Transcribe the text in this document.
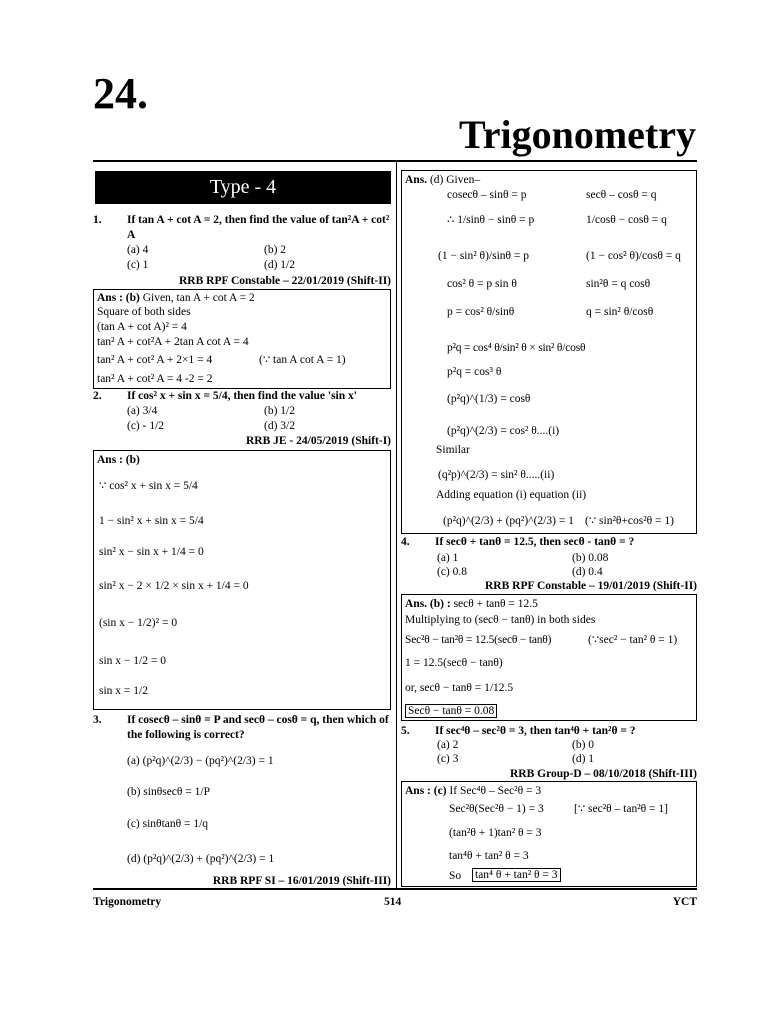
24.
Trigonometry
Type - 4
1. If tan A + cot A = 2, then find the value of tan²A + cot² A
(a) 4	(b) 2
(c) 1	(d) 1/2
RRB RPF Constable – 22/01/2019 (Shift-II)
Ans : (b) Given, tan A + cot A = 2
Square of both sides
(tan A + cot A)² = 4
tan² A + cot²A + 2tan A cot A = 4
tan² A + cot² A + 2×1 = 4	(∵ tan A cot A = 1)
tan² A + cot² A = 4 -2 = 2
2. If cos² x + sin x = 5/4, then find the value 'sin x'
(a) 3/4	(b) 1/2
(c) - 1/2	(d) 3/2
RRB JE - 24/05/2019 (Shift-I)
Ans : (b)
∵ cos² x + sin x = 5/4
1 − sin² x + sin x = 5/4
sin² x − sin x + 1/4 = 0
sin² x − 2 × 1/2 × sin x + 1/4 = 0
(sin x − 1/2)² = 0
sin x − 1/2 = 0
sin x = 1/2
3. If cosecθ – sinθ = P and secθ – cosθ = q, then which of the following is correct?
(a) (p²q)^(2/3) − (pq²)^(2/3) = 1
(b) sinθsecθ = 1/P
(c) sinθtanθ = 1/q
(d) (p²q)^(2/3) + (pq²)^(2/3) = 1
RRB RPF SI – 16/01/2019 (Shift-III)
Ans. (d) Given–
cosecθ – sinθ = p	secθ – cosθ = q
∴ 1/sinθ − sinθ = p	1/cosθ − cosθ = q
(1 − sin² θ)/sinθ = p	(1 − cos² θ)/cosθ = q
cos² θ = p sin θ	sin²θ = q cosθ
p = cos² θ/sinθ	q = sin² θ/cosθ
p²q = cos⁴ θ/sin² θ × sin² θ/cosθ
p²q = cos³ θ
(p²q)^(1/3) = cosθ
(p²q)^(2/3) = cos² θ....(i)
Similar
(q²p)^(2/3) = sin² θ.....(ii)
Adding equation (i) equation (ii)
(p²q)^(2/3) + (pq²)^(2/3) = 1 (∵ sin²θ+cos²θ = 1)
4. If secθ + tanθ = 12.5, then secθ - tanθ = ?
(a) 1	(b) 0.08
(c) 0.8	(d) 0.4
RRB RPF Constable – 19/01/2019 (Shift-II)
Ans. (b) : secθ + tanθ = 12.5
Multiplying to (secθ − tanθ) in both sides
Sec²θ − tan²θ = 12.5(secθ − tanθ)	(∵sec² − tan² θ = 1)
1 = 12.5(secθ − tanθ)
or, secθ − tanθ = 1/12.5
Secθ − tanθ = 0.08
5. If sec⁴θ – sec²θ = 3, then tan⁴θ + tan²θ = ?
(a) 2	(b) 0
(c) 3	(d) 1
RRB Group-D – 08/10/2018 (Shift-III)
Ans : (c) If Sec⁴θ – Sec²θ = 3
Sec²θ(Sec²θ − 1) = 3	[∵ sec²θ – tan²θ = 1]
(tan²θ + 1)tan² θ = 3
tan⁴θ + tan² θ = 3
So tan⁴ θ + tan² θ = 3
Trigonometry	514	YCT
